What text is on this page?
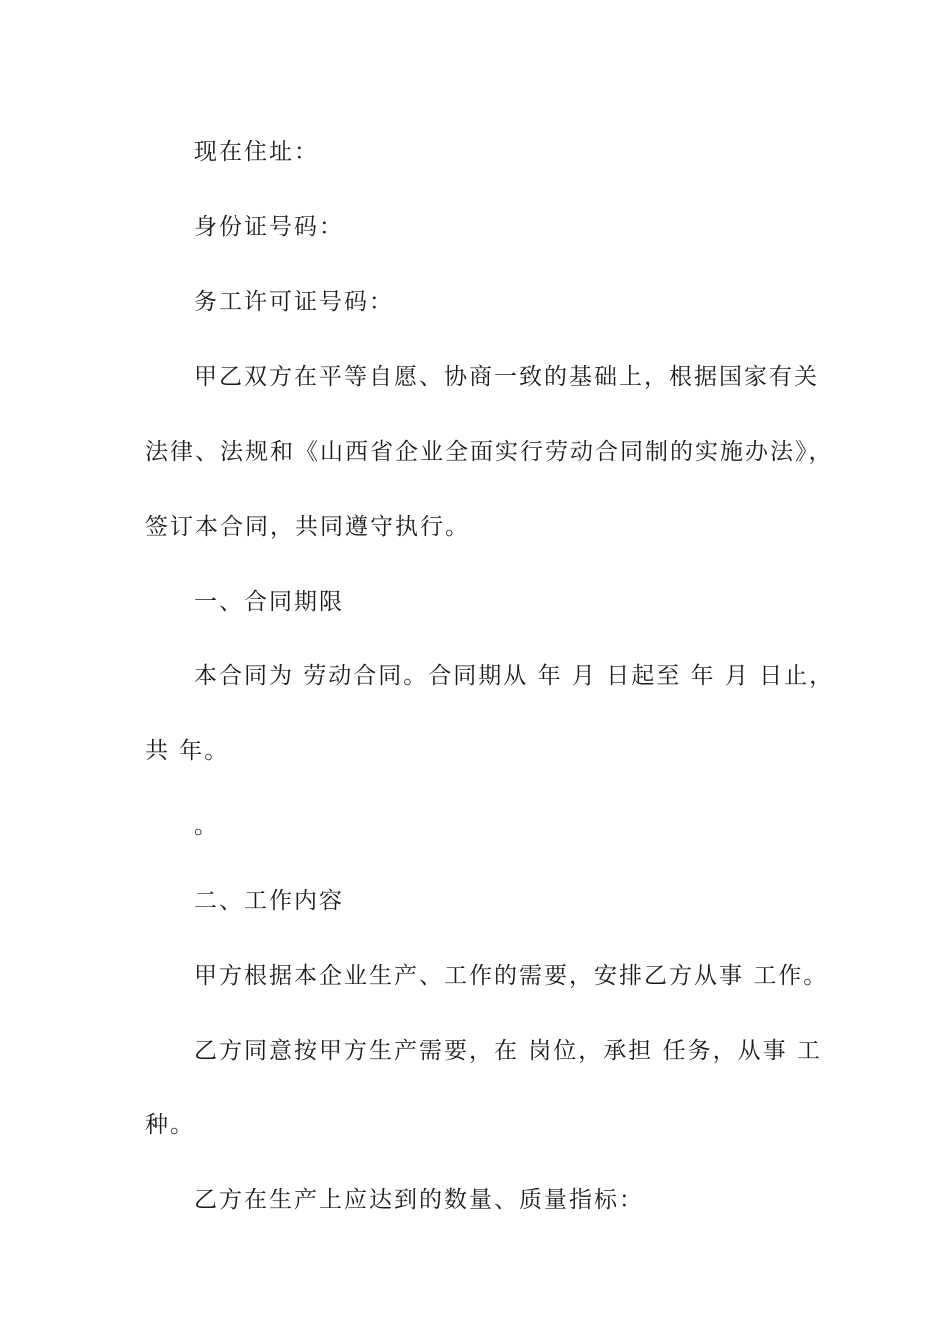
现在住址：
身份证号码：
务工许可证号码：
甲乙双方在平等自愿、协商一致的基础上，根据国家有关
法律、法规和《山西省企业全面实行劳动合同制的实施办法》，
签订本合同，共同遵守执行。
一、合同期限
本合同为 劳动合同。合同期从 年 月 日起至 年 月 日止，
共 年。
。
二、工作内容
甲方根据本企业生产、工作的需要，安排乙方从事 工作。
乙方同意按甲方生产需要，在 岗位，承担 任务，从事 工
种。
乙方在生产上应达到的数量、质量指标：
